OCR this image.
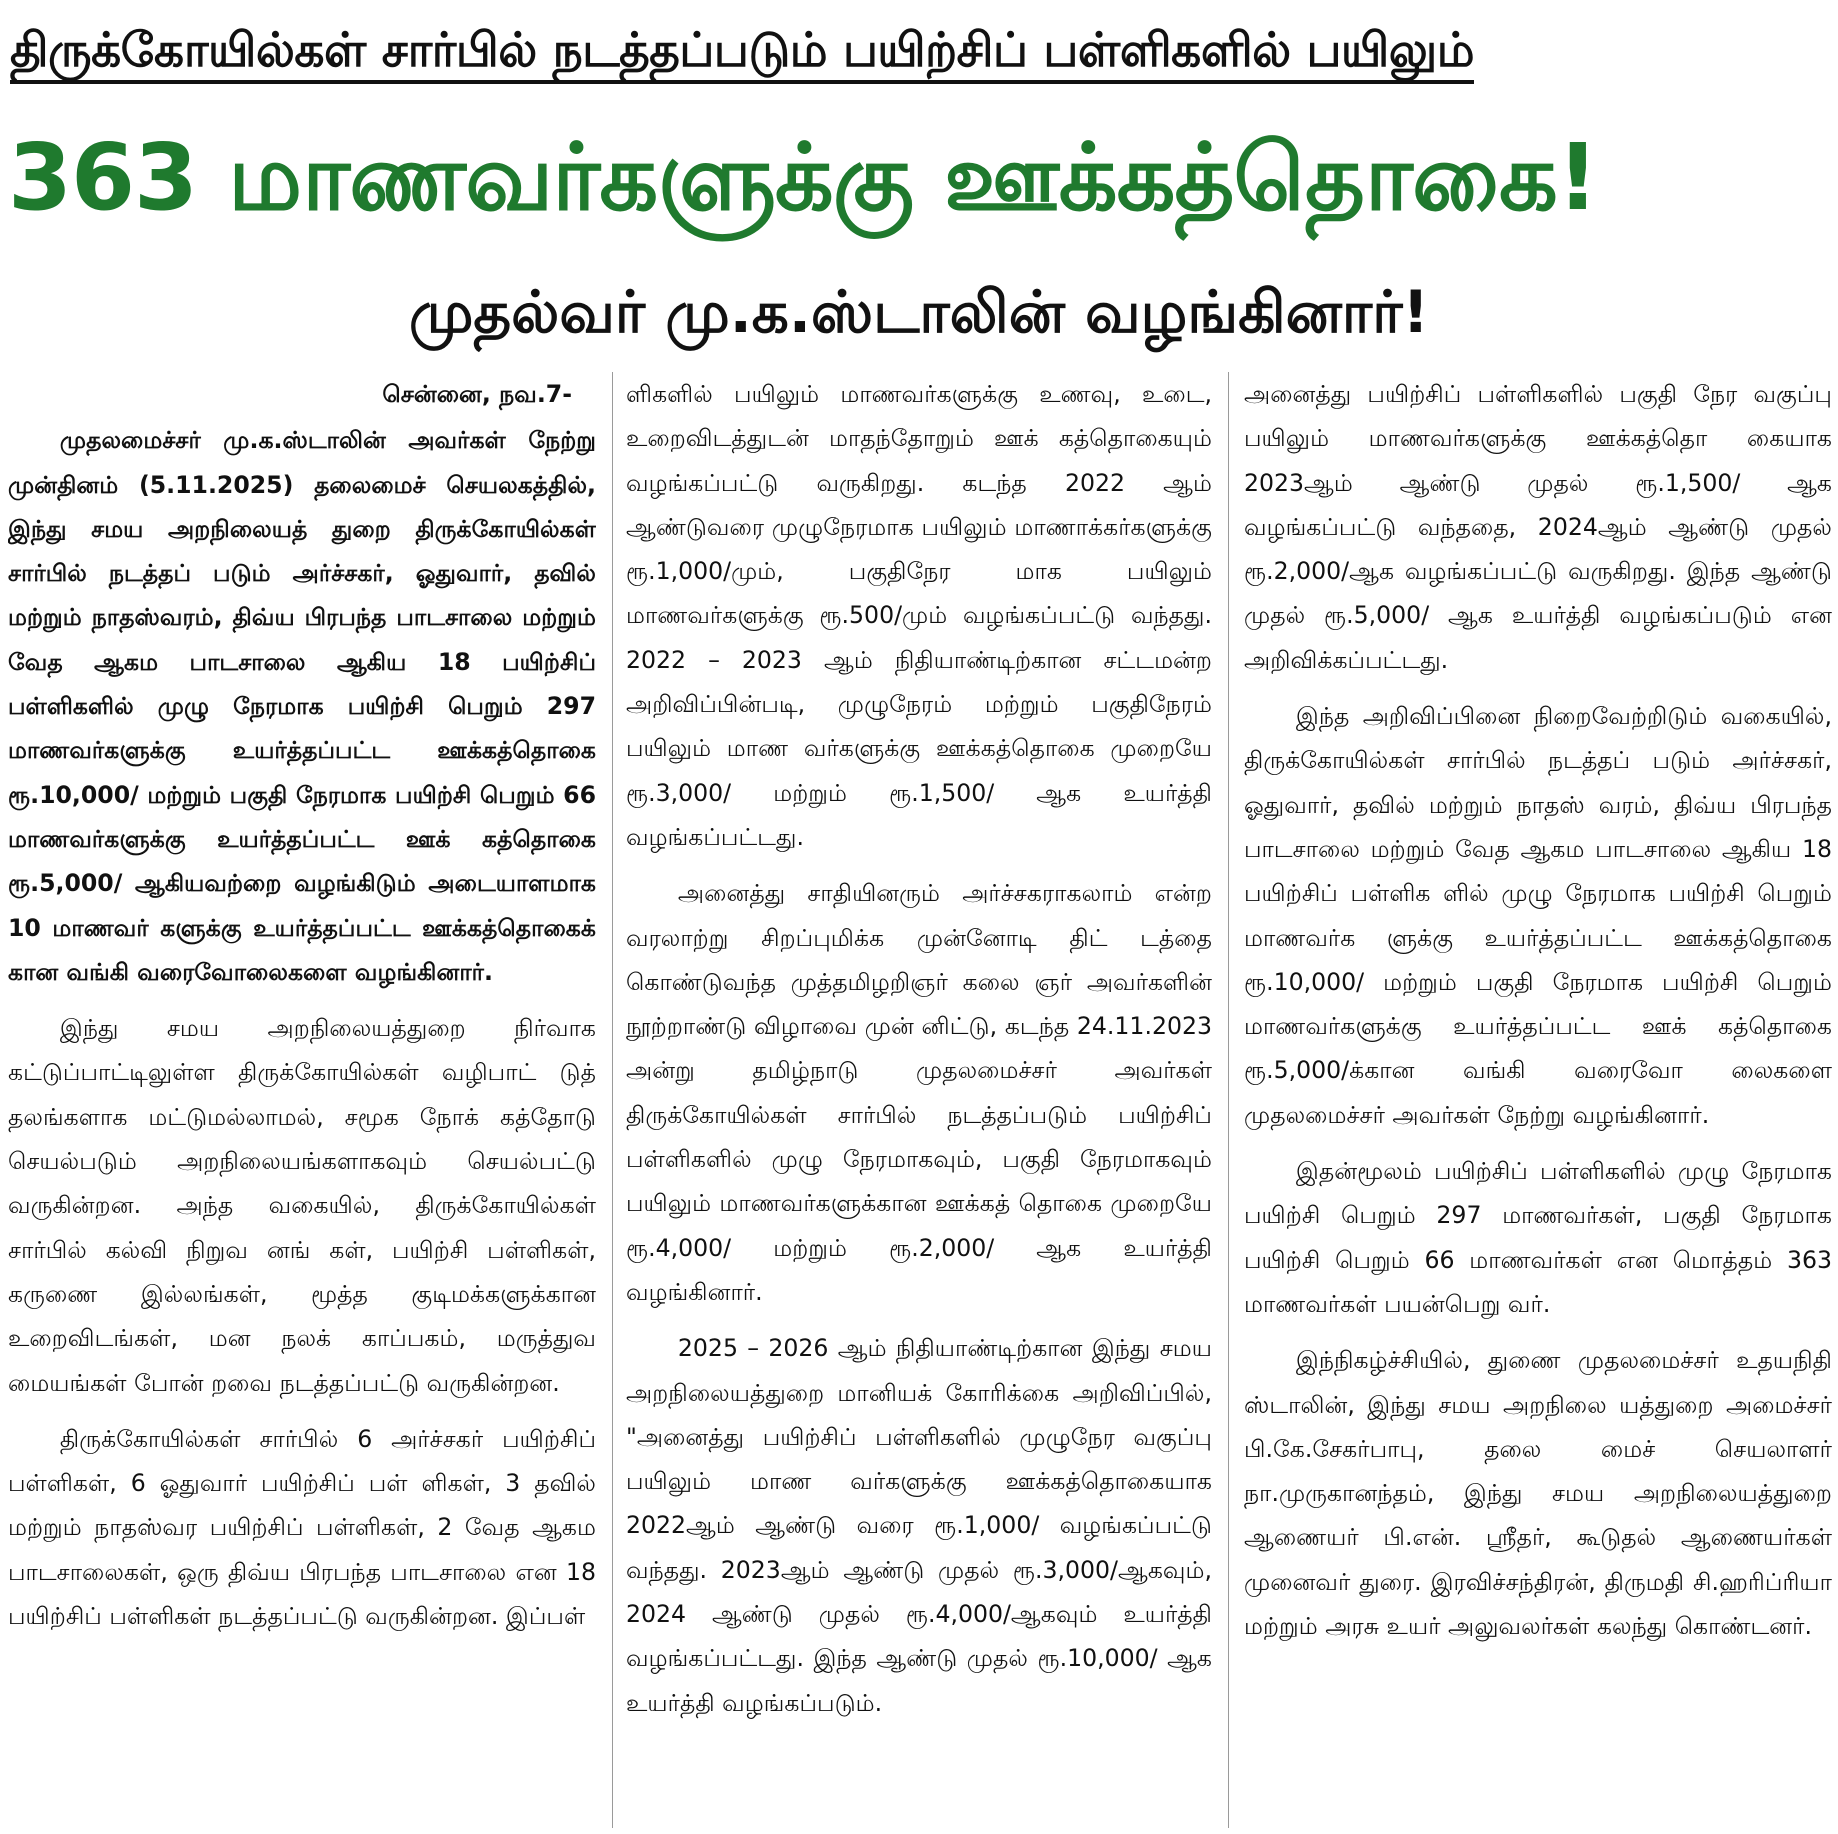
திருக்கோயில்கள் சார்பில் நடத்தப்படும் பயிற்சிப் பள்ளிகளில் பயிலும்
363 மாணவர்களுக்கு ஊக்கத்தொகை!
முதல்வர் மு.க.ஸ்டாலின் வழங்கினார்!
சென்னை, நவ.7-
முதலமைச்சர் மு.க.ஸ்டாலின் அவர்கள் நேற்று முன்தினம் (5.11.2025) தலைமைச் செயலகத்தில், இந்து சமய அறநிலையத் துறை திருக்கோயில்கள் சார்பில் நடத்தப் படும் அர்ச்சகர், ஓதுவார், தவில் மற்றும் நாதஸ்வரம், திவ்ய பிரபந்த பாடசாலை மற்றும் வேத ஆகம பாடசாலை ஆகிய 18 பயிற்சிப் பள்ளிகளில் முழு நேரமாக பயிற்சி பெறும் 297 மாணவர்களுக்கு உயர்த்தப்பட்ட ஊக்கத்தொகை ரூ.10,000/ மற்றும் பகுதி நேரமாக பயிற்சி பெறும் 66 மாணவர்களுக்கு உயர்த்தப்பட்ட ஊக் கத்தொகை ரூ.5,000/ ஆகியவற்றை வழங்கிடும் அடையாளமாக 10 மாணவர் களுக்கு உயர்த்தப்பட்ட ஊக்கத்தொகைக் கான வங்கி வரைவோலைகளை வழங்கினார்.

இந்து சமய அறநிலையத்துறை நிர்வாக கட்டுப்பாட்டிலுள்ள திருக்கோயில்கள் வழிபாட் டுத் தலங்களாக மட்டுமல்லாமல், சமூக நோக் கத்தோடு செயல்படும் அறநிலையங்களாகவும் செயல்பட்டு வருகின்றன. அந்த வகையில், திருக்கோயில்கள் சார்பில் கல்வி நிறுவ னங் கள், பயிற்சி பள்ளிகள், கருணை இல்லங்கள், மூத்த குடிமக்களுக்கான உறைவிடங்கள், மன நலக் காப்பகம், மருத்துவ மையங்கள் போன் றவை நடத்தப்பட்டு வருகின்றன.

திருக்கோயில்கள் சார்பில் 6 அர்ச்சகர் பயிற்சிப் பள்ளிகள், 6 ஓதுவார் பயிற்சிப் பள் ளிகள், 3 தவில் மற்றும் நாதஸ்வர பயிற்சிப் பள்ளிகள், 2 வேத ஆகம பாடசாலைகள், ஒரு திவ்ய பிரபந்த பாடசாலை என 18 பயிற்சிப் பள்ளிகள் நடத்தப்பட்டு வருகின்றன. இப்பள்

ளிகளில் பயிலும் மாணவர்களுக்கு உணவு, உடை, உறைவிடத்துடன் மாதந்தோறும் ஊக் கத்தொகையும் வழங்கப்பட்டு வருகிறது. கடந்த 2022 ஆம் ஆண்டுவரை முழுநேரமாக பயிலும் மாணாக்கர்களுக்கு ரூ.1,000/மும், பகுதிநேர மாக பயிலும் மாணவர்களுக்கு ரூ.500/மும் வழங்கப்பட்டு வந்தது. 2022 – 2023 ஆம் நிதியாண்டிற்கான சட்டமன்ற அறிவிப்பின்படி, முழுநேரம் மற்றும் பகுதிநேரம் பயிலும் மாண வர்களுக்கு ஊக்கத்தொகை முறையே ரூ.3,000/ மற்றும் ரூ.1,500/ ஆக உயர்த்தி வழங்கப்பட்டது.

அனைத்து சாதியினரும் அர்ச்சகராகலாம் என்ற வரலாற்று சிறப்புமிக்க முன்னோடி திட் டத்தை கொண்டுவந்த முத்தமிழறிஞர் கலை ஞர் அவர்களின் நூற்றாண்டு விழாவை முன் னிட்டு, கடந்த 24.11.2023 அன்று தமிழ்நாடு முதலமைச்சர் அவர்கள் திருக்கோயில்கள் சார்பில் நடத்தப்படும் பயிற்சிப் பள்ளிகளில் முழு நேரமாகவும், பகுதி நேரமாகவும் பயிலும் மாணவர்களுக்கான ஊக்கத் தொகை முறையே ரூ.4,000/ மற்றும் ரூ.2,000/ ஆக உயர்த்தி வழங்கினார்.

2025 – 2026 ஆம் நிதியாண்டிற்கான இந்து சமய அறநிலையத்துறை மானியக் கோரிக்கை அறிவிப்பில், "அனைத்து பயிற்சிப் பள்ளிகளில் முழுநேர வகுப்பு பயிலும் மாண வர்களுக்கு ஊக்கத்தொகையாக 2022ஆம் ஆண்டு வரை ரூ.1,000/ வழங்கப்பட்டு வந்தது. 2023ஆம் ஆண்டு முதல் ரூ.3,000/ஆகவும், 2024 ஆண்டு முதல் ரூ.4,000/ஆகவும் உயர்த்தி வழங்கப்பட்டது. இந்த ஆண்டு முதல் ரூ.10,000/ ஆக உயர்த்தி வழங்கப்படும்.

அனைத்து பயிற்சிப் பள்ளிகளில் பகுதி நேர வகுப்பு பயிலும் மாணவர்களுக்கு ஊக்கத்தொ கையாக 2023ஆம் ஆண்டு முதல் ரூ.1,500/ ஆக வழங்கப்பட்டு வந்ததை, 2024ஆம் ஆண்டு முதல் ரூ.2,000/ஆக வழங்கப்பட்டு வருகிறது. இந்த ஆண்டு முதல் ரூ.5,000/ ஆக உயர்த்தி வழங்கப்படும் என அறிவிக்கப்பட்டது.

இந்த அறிவிப்பினை நிறைவேற்றிடும் வகையில், திருக்கோயில்கள் சார்பில் நடத்தப் படும் அர்ச்சகர், ஓதுவார், தவில் மற்றும் நாதஸ் வரம், திவ்ய பிரபந்த பாடசாலை மற்றும் வேத ஆகம பாடசாலை ஆகிய 18 பயிற்சிப் பள்ளிக ளில் முழு நேரமாக பயிற்சி பெறும் மாணவர்க ளுக்கு உயர்த்தப்பட்ட ஊக்கத்தொகை ரூ.10,000/ மற்றும் பகுதி நேரமாக பயிற்சி பெறும் மாணவர்களுக்கு உயர்த்தப்பட்ட ஊக் கத்தொகை ரூ.5,000/க்கான வங்கி வரைவோ லைகளை முதலமைச்சர் அவர்கள் நேற்று வழங்கினார்.

இதன்மூலம் பயிற்சிப் பள்ளிகளில் முழு நேரமாக பயிற்சி பெறும் 297 மாணவர்கள், பகுதி நேரமாக பயிற்சி பெறும் 66 மாணவர்கள் என மொத்தம் 363 மாணவர்கள் பயன்பெறு வர்.

இந்நிகழ்ச்சியில், துணை முதலமைச்சர் உதயநிதி ஸ்டாலின், இந்து சமய அறநிலை யத்துறை அமைச்சர் பி.கே.சேகர்பாபு, தலை மைச் செயலாளர் நா.முருகானந்தம், இந்து சமய அறநிலையத்துறை ஆணையர் பி.என். ஸ்ரீதர், கூடுதல் ஆணையர்கள் முனைவர் துரை. இரவிச்சந்திரன், திருமதி சி.ஹரிப்ரியா மற்றும் அரசு உயர் அலுவலர்கள் கலந்து கொண்டனர்.
